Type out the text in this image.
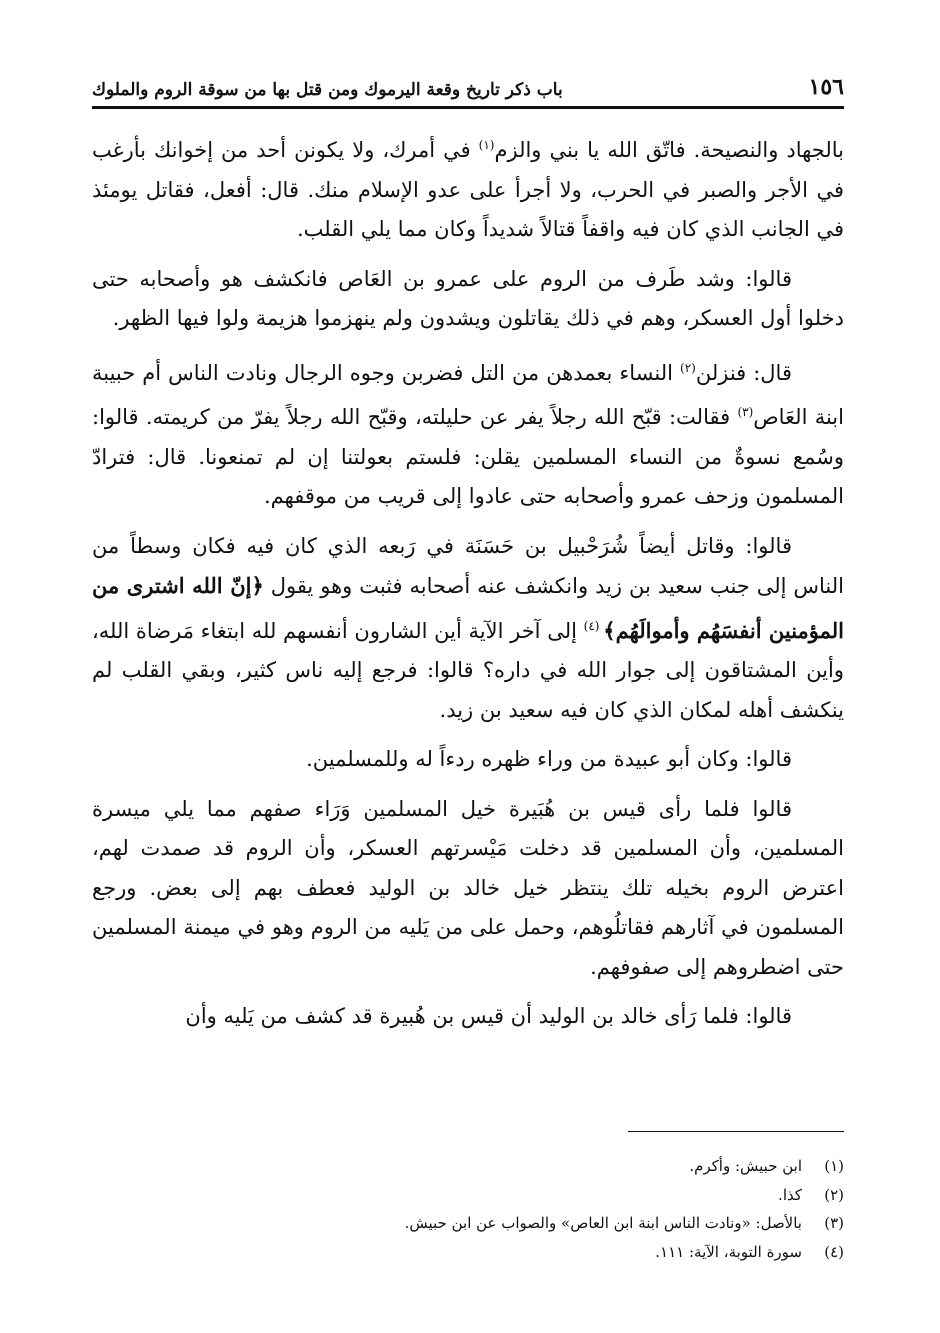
١٥٦
باب ذكر تاريخ وقعة اليرموك ومن قتل بها من سوقة الروم والملوك

بالجهاد والنصيحة. فاتّق الله يا بني والزم$^{(١)}$ في أمرك، ولا يكونن أحد من إخوانك بأرغب في الأجر والصبر في الحرب، ولا أجرأ على عدو الإسلام منك. قال: أفعل، فقاتل يومئذ في الجانب الذي كان فيه واقفاً قتالاً شديداً وكان مما يلي القلب.

قالوا: وشد طَرف من الروم على عمرو بن العَاص فانكشف هو وأصحابه حتى دخلوا أول العسكر، وهم في ذلك يقاتلون ويشدون ولم ينهزموا هزيمة ولوا فيها الظهر.

قال: فنزلن$^{(٢)}$ النساء بعمدهن من التل فضربن وجوه الرجال ونادت الناس أم حبيبة ابنة العَاص$^{(٣)}$ فقالت: قبّح الله رجلاً يفر عن حليلته، وقبّح الله رجلاً يفرّ من كريمته. قالوا: وسُمع نسوةٌ من النساء المسلمين يقلن: فلستم بعولتنا إن لم تمنعونا. قال: فترادّ المسلمون وزحف عمرو وأصحابه حتى عادوا إلى قريب من موقفهم.

قالوا: وقاتل أيضاً شُرَحْبيل بن حَسَنَة في رَبعه الذي كان فيه فكان وسطاً من الناس إلى جنب سعيد بن زيد وانكشف عنه أصحابه فثبت وهو يقول ﴿إنّ الله اشترى من المؤمنين أنفسَهُم وأموالَهُم﴾ $^{(٤)}$ إلى آخر الآية أين الشارون أنفسهم لله ابتغاء مَرضاة الله، وأين المشتاقون إلى جوار الله في داره؟ قالوا: فرجع إليه ناس كثير، وبقي القلب لم ينكشف أهله لمكان الذي كان فيه سعيد بن زيد.

قالوا: وكان أبو عبيدة من وراء ظهره ردءاً له وللمسلمين.

قالوا فلما رأى قيس بن هُبَيرة خيل المسلمين وَرَاء صفهم مما يلي ميسرة المسلمين، وأن المسلمين قد دخلت مَيْسرتهم العسكر، وأن الروم قد صمدت لهم، اعترض الروم بخيله تلك ينتظر خيل خالد بن الوليد فعطف بهم إلى بعض. ورجع المسلمون في آثارهم فقاتلُوهم، وحمل على من يَليه من الروم وهو في ميمنة المسلمين حتى اضطروهم إلى صفوفهم.

قالوا: فلما رَأى خالد بن الوليد أن قيس بن هُبيرة قد كشف من يَليه وأن

(١)
ابن حبيش: وأكرم.
(٢)
كذا.
(٣)
بالأصل: «ونادت الناس ابنة ابن العاص» والصواب عن ابن حبيش.
(٤)
سورة التوبة، الآية: ١١١.
